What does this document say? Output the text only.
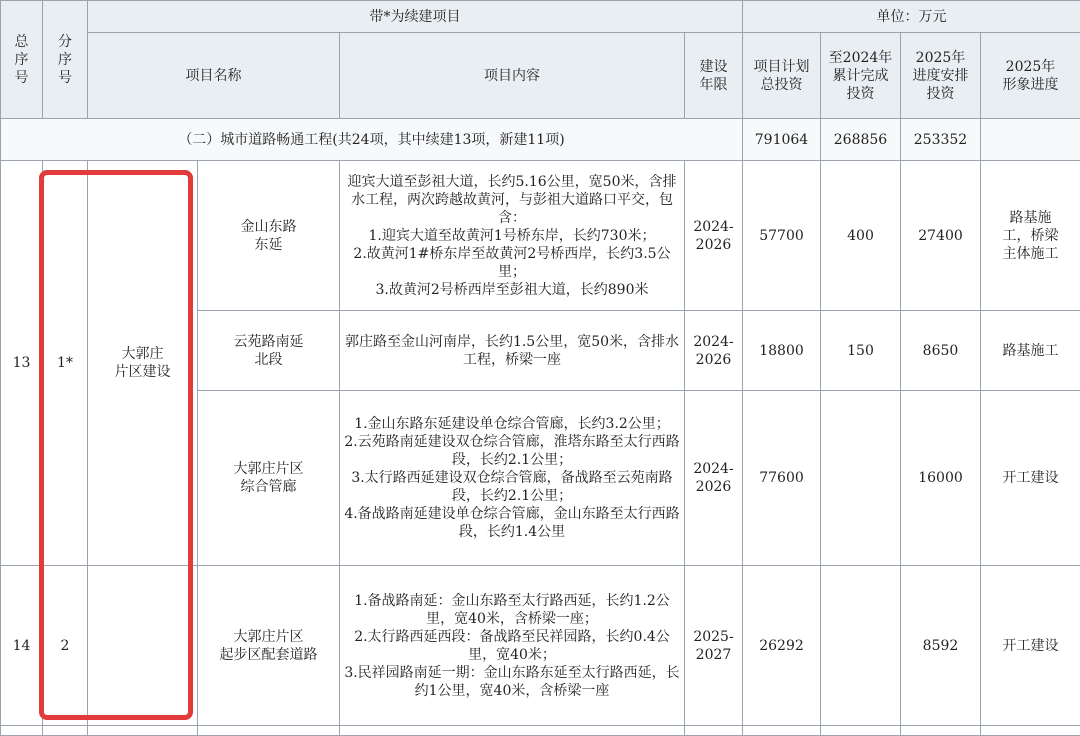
总
序
号	分
序
号	带*为续建项目				单位：万元			
		项目名称		项目内容	建设
年限	项目计划
总投资	至2024年
累计完成
投资	2025年
进度安排
投资	2025年
形象进度
（二）城市道路畅通工程(共24项，其中续建13项，新建11项)						791064	268856	253352	
13	1*	大郭庄
片区建设	金山东路
东延	迎宾大道至彭祖大道，长约5.16公里，宽50米，含排水工程，两次跨越故黄河，与彭祖大道路口平交，包含：
1.迎宾大道至故黄河1号桥东岸，长约730米；
2.故黄河1#桥东岸至故黄河2号桥西岸，长约3.5公里；
3.故黄河2号桥西岸至彭祖大道，长约890米	2024-
2026	57700	400	27400	路基施
工，桥梁
主体施工
			云苑路南延
北段	郭庄路至金山河南岸，长约1.5公里，宽50米，含排水工程，桥梁一座	2024-
2026	18800	150	8650	路基施工
			大郭庄片区
综合管廊	1.金山东路东延建设单仓综合管廊，长约3.2公里；
2.云苑路南延建设双仓综合管廊，淮塔东路至太行西路段，长约2.1公里；
3.太行路西延建设双仓综合管廊，备战路至云苑南路段，长约2.1公里；
4.备战路南延建设单仓综合管廊，金山东路至太行西路段，长约1.4公里	2024-
2026	77600		16000	开工建设
14	2		大郭庄片区
起步区配套道路	1.备战路南延：金山东路至太行路西延，长约1.2公里，宽40米，含桥梁一座；
2.太行路西延西段：备战路至民祥园路，长约0.4公里，宽40米；
3.民祥园路南延一期：金山东路东延至太行路西延，长约1公里，宽40米，含桥梁一座	2025-
2027	26292		8592	开工建设
